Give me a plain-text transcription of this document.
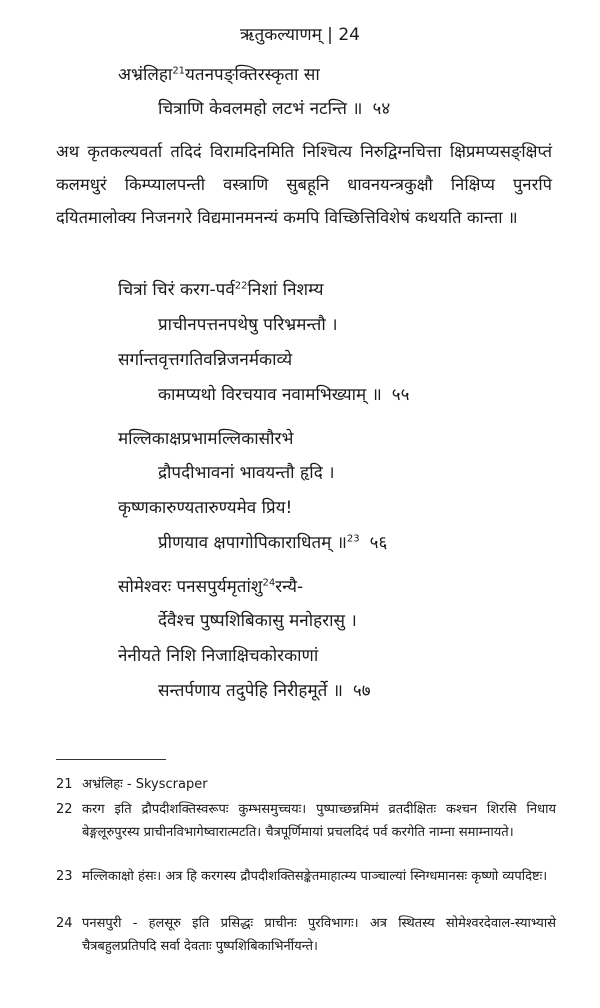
ऋतुकल्याणम् | 24
अभ्रंलिहा$^{21}$यतनपङ्क्तिरस्कृता सा
चित्राणि केवलमहो लटभं नटन्ति ॥ ५४

अथ कृतकल्यवर्ता तदिदं विरामदिनमिति निश्चित्य निरुद्विग्नचित्ता क्षिप्रमप्यसङ्क्षिप्तं कलमधुरं किम्प्यालपन्ती वस्त्राणि सुबहूनि धावनयन्त्रकुक्षौ निक्षिप्य पुनरपि दयितमालोक्य निजनगरे विद्यमानमनन्यं कमपि विच्छित्तिविशेषं कथयति कान्ता ॥

चित्रां चिरं करग-पर्व$^{22}$निशां निशम्य
प्राचीनपत्तनपथेषु परिभ्रमन्तौ ।
सर्गान्तवृत्तगतिवन्निजनर्मकाव्ये
कामप्यथो विरचयाव नवामभिख्याम् ॥ ५५
मल्लिकाक्षप्रभामल्लिकासौरभे
द्रौपदीभावनां भावयन्तौ हृदि ।
कृष्णकारुण्यतारुण्यमेव प्रिय!
प्रीणयाव क्षपागोपिकाराधितम् ॥$^{23}$ ५६
सोमेश्वरः पनसपुर्यमृतांशु$^{24}$रन्यै-
र्देवैश्च पुष्पशिबिकासु मनोहरासु ।
नेनीयते निशि निजाक्षिचकोरकाणां
सन्तर्पणाय तदुपेहि निरीहमूर्ते ॥ ५७
21 अभ्रंलिहः - Skyscraper
22 करग इति द्रौपदीशक्तिस्वरूपः कुम्भसमुच्चयः। पुष्पाच्छन्नमिमं व्रतदीक्षितः कश्चन शिरसि निधाय बेङ्गलूरुपुरस्य प्राचीनविभागेष्वारात्मटति। चैत्रपूर्णिमायां प्रचलदिदं पर्व करगेति नाम्ना समाम्नायते।
23 मल्लिकाक्षो हंसः। अत्र हि करगस्य द्रौपदीशक्तिसङ्केतमाहात्म्य पाञ्चाल्यां स्निग्धमानसः कृष्णो व्यपदिष्टः।
24 पनसपुरी - हलसूरु इति प्रसिद्धः प्राचीनः पुरविभागः। अत्र स्थितस्य सोमेश्वरदेवाल-स्याभ्यासे चैत्रबहुलप्रतिपदि सर्वा देवताः पुष्पशिबिकाभिर्नीयन्ते।
